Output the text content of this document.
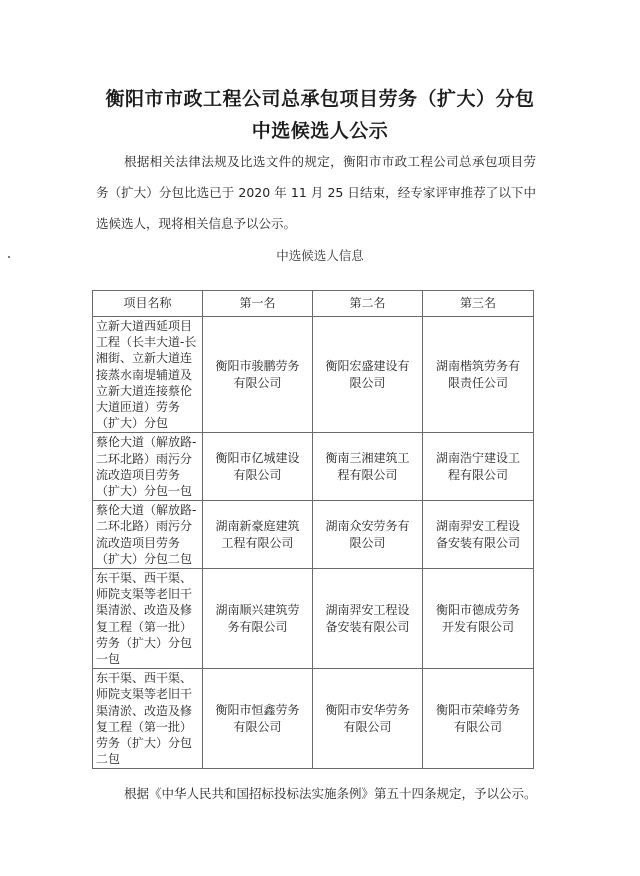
衡阳市市政工程公司总承包项目劳务（扩大）分包
中选候选人公示
根据相关法律法规及比选文件的规定，衡阳市市政工程公司总承包项目劳务（扩大）分包比选已于 2020 年 11 月 25 日结束，经专家评审推荐了以下中选候选人，现将相关信息予以公示。
中选候选人信息
项目名称	第一名	第二名	第三名
立新大道西延项目工程（长丰大道-长湘街、立新大道连接蒸水南堤辅道及立新大道连接蔡伦大道匝道）劳务（扩大）分包	衡阳市骏鹏劳务有限公司	衡阳宏盛建设有限公司	湖南楷筑劳务有限责任公司
蔡伦大道（解放路-二环北路）雨污分流改造项目劳务（扩大）分包一包	衡阳市亿城建设有限公司	衡南三湘建筑工程有限公司	湖南浩宁建设工程有限公司
蔡伦大道（解放路-二环北路）雨污分流改造项目劳务（扩大）分包二包	湖南新豪庭建筑工程有限公司	湖南众安劳务有限公司	湖南羿安工程设备安装有限公司
东干渠、西干渠、师院支渠等老旧干渠清淤、改造及修复工程（第一批）劳务（扩大）分包一包	湖南顺兴建筑劳务有限公司	湖南羿安工程设备安装有限公司	衡阳市德成劳务开发有限公司
东干渠、西干渠、师院支渠等老旧干渠清淤、改造及修复工程（第一批）劳务（扩大）分包二包	衡阳市恒鑫劳务有限公司	衡阳市安华劳务有限公司	衡阳市荣峰劳务有限公司
根据《中华人民共和国招标投标法实施条例》第五十四条规定，予以公示。
